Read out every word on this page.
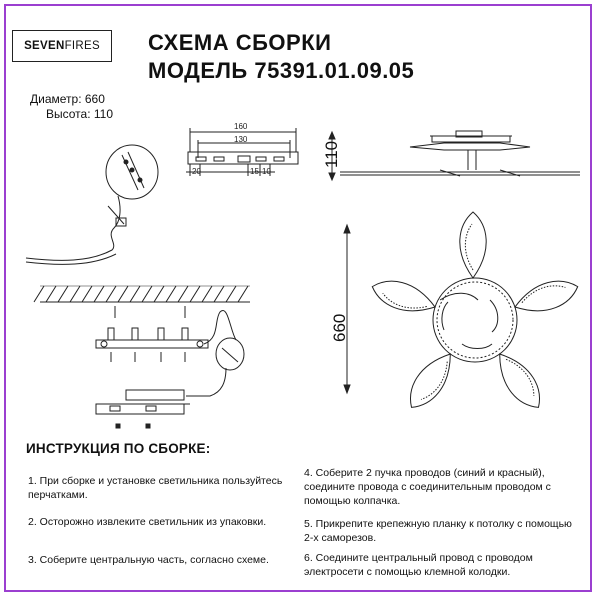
SEVEN FIRES СХЕМА СБОРКИ
МОДЕЛЬ 75391.01.09.05
Диаметр: 660
Высота: 110
160
130
20	15 10
110
660
ИНСТРУКЦИЯ ПО СБОРКЕ:
1. При сборке и установке светильника пользуйтесь перчатками.
2. Осторожно извлеките светильник из упаковки.
3. Соберите центральную часть, согласно схеме.
4. Соберите 2 пучка проводов (синий и красный), соедините провода с соединительным проводом с помощью колпачка.
5. Прикрепите крепежную планку к потолку с помощью 2-х саморезов.
6. Соедините центральный провод с проводом электросети с помощью клемной колодки.
